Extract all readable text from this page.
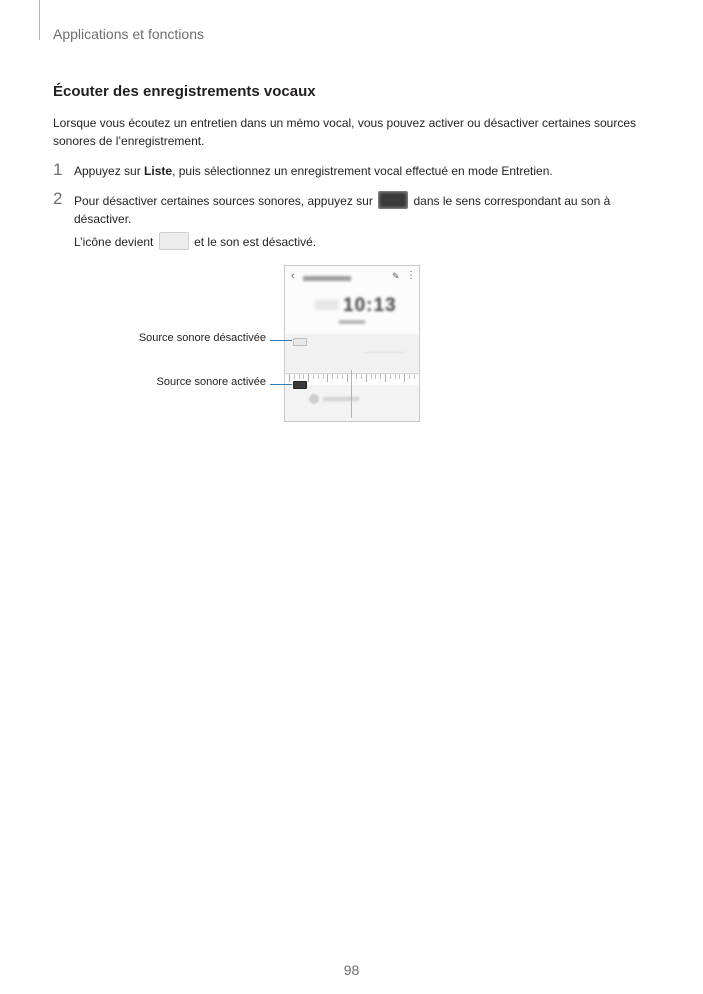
Applications et fonctions
Écouter des enregistrements vocaux
Lorsque vous écoutez un entretien dans un mémo vocal, vous pouvez activer ou désactiver certaines sources sonores de l’enregistrement.
1 Appuyez sur Liste, puis sélectionnez un enregistrement vocal effectué en mode Entretien.
2 Pour désactiver certaines sources sonores, appuyez sur	dans le sens correspondant au son à désactiver.
L’icône devient	et le son est désactivé.
‹	✎ ⋮
10:13
Source sonore désactivée
Source sonore activée
98
